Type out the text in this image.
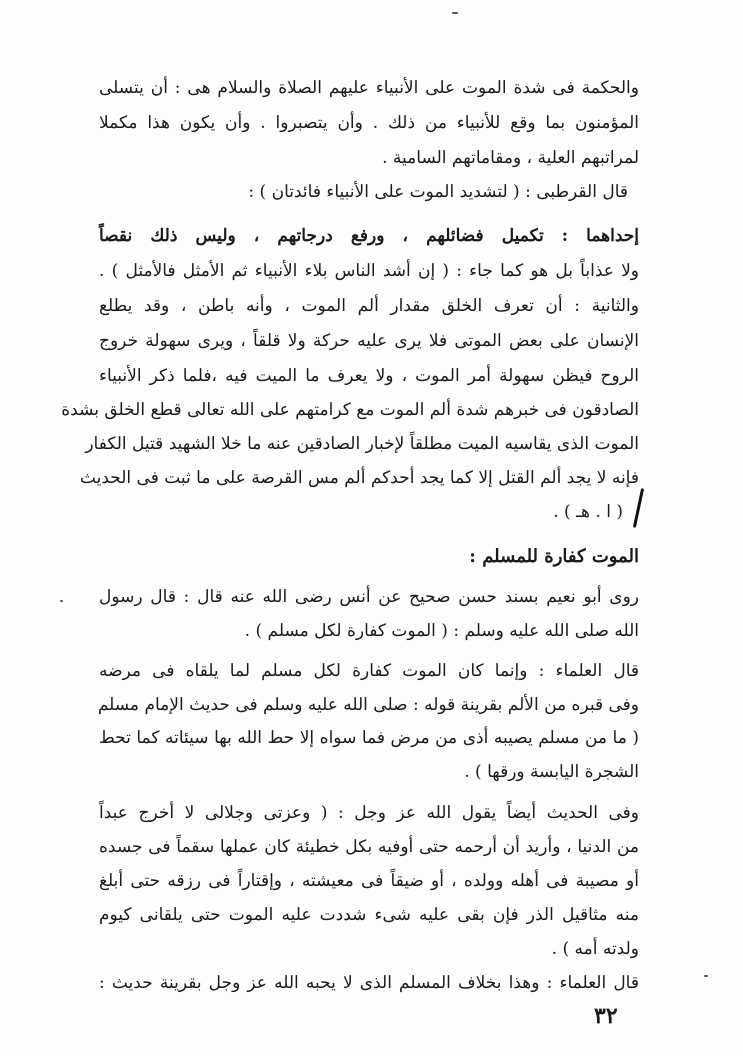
والحكمة فى شدة الموت على الأنبياء عليهم الصلاة والسلام هى : أن يتسلى
المؤمنون بما وقع للأنبياء من ذلك . وأن يتصبروا . وأن يكون هذا مكملا
لمراتبهم العلية ، ومقاماتهم السامية .
قال القرطبى : ( لتشديد الموت على الأنبياء فائدتان ) :
إحداهما : تكميل فضائلهم ، ورفع درجاتهم ، وليس ذلك نقصاً
ولا عذاباً بل هو كما جاء : ( إن أشد الناس بلاء الأنبياء ثم الأمثل فالأمثل ) .
والثانية : أن تعرف الخلق مقدار ألم الموت ، وأنه باطن ، وقد يطلع
الإنسان على بعض الموتى فلا يرى عليه حركة ولا قلقاً ، ويرى سهولة خروج
الروح فيظن سهولة أمر الموت ، ولا يعرف ما الميت فيه ،فلما ذكر الأنبياء
الصادقون فى خبرهم شدة ألم الموت مع كرامتهم على الله تعالى قطع الخلق بشدة
الموت الذى يقاسيه الميت مطلقاً لإخبار الصادقين عنه ما خلا الشهيد قتيل الكفار
فإنه لا يجد ألم القتل إلا كما يجد أحدكم ألم مس القرصة على ما ثبت فى الحديث
( ا . هـ ) .
الموت كفارة للمسلم :
روى أبو نعيم بسند حسن صحيح عن أنس رضى الله عنه قال : قال رسول
الله صلى الله عليه وسلم : ( الموت كفارة لكل مسلم ) .
قال العلماء : وإنما كان الموت كفارة لكل مسلم لما يلقاه فى مرضه
وفى قبره من الألم بقرينة قوله : صلى الله عليه وسلم فى حديث الإمام مسلم
( ما من مسلم يصيبه أذى من مرض فما سواه إلا حط الله بها سيئاته كما تحط
الشجرة اليابسة ورقها ) .
وفى الحديث أيضاً يقول الله عز وجل : ( وعزتى وجلالى لا أخرج عبداً
من الدنيا ، وأريد أن أرحمه حتى أوفيه بكل خطيئة كان عملها سقماً فى جسده
أو مصيبة فى أهله وولده ، أو ضيقاً فى معيشته ، وإقتاراً فى رزقه حتى أبلغ
منه مثاقيل الذر فإن بقى عليه شىء شددت عليه الموت حتى يلقانى كيوم
ولدته أمه ) .
قال العلماء : وهذا بخلاف المسلم الذى لا يحبه الله عز وجل بقرينة حديث :
٣٢
